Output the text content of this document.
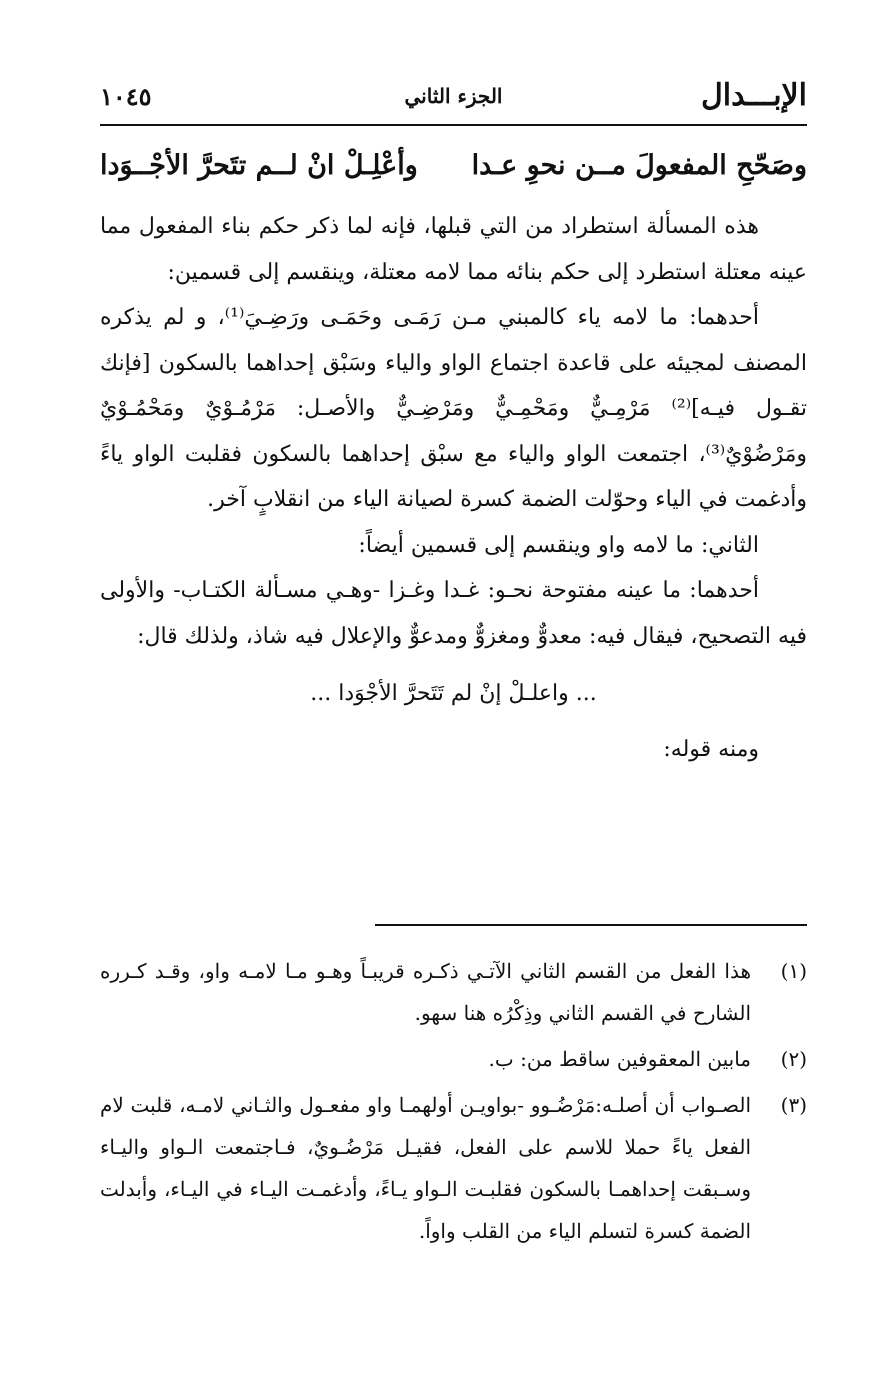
الإبـــدال
الجزء الثاني
١٠٤٥
وصَحّحِ المفعولَ مــن نحوِ عـدا
وأعْلِـلْ انْ لــم تتَحرَّ الأجْــوَدا

هذه المسألة استطراد من التي قبلها، فإنه لما ذكر حكم بناء المفعول مما عينه معتلة استطرد إلى حكم بنائه مما لامه معتلة، وينقسم إلى قسمين:

أحدهما: ما لامه ياء كالمبني مـن رَمَـى وحَمَـى ورَضِـيَ⁽¹⁾، و لم يذكره المصنف لمجيئه على قاعدة اجتماع الواو والياء وسَبْق إحداهما بالسكون [فإنك تقـول فيـه]⁽²⁾ مَرْمِـيٌّ ومَحْمِـيٌّ ومَرْضِـيٌّ والأصـل: مَرْمُـوْيٌ ومَحْمُـوْيٌ ومَرْضُوْيٌ⁽³⁾، اجتمعت الواو والياء مع سبْق إحداهما بالسكون فقلبت الواو ياءً وأدغمت في الياء وحوّلت الضمة كسرة لصيانة الياء من انقلابٍ آخر.

الثاني: ما لامه واو وينقسم إلى قسمين أيضاً:

أحدهما: ما عينه مفتوحة نحـو: غـدا وغـزا -وهـي مسـألة الكتـاب- والأولى فيه التصحيح، فيقال فيه: معدوٌّ ومغزوٌّ ومدعوٌّ والإعلال فيه شاذ، ولذلك قال:

... واعلـلْ إنْ لم تَتَحرَّ الأجْوَدا ...

ومنه قوله:

(١)
هذا الفعل من القسم الثاني الآتـي ذكـره قريبـاً وهـو مـا لامـه واو، وقـد كـرره الشارح في القسم الثاني وذِكْرُه هنا سهو.
(٢)
مابين المعقوفين ساقط من: ب.
(٣)
الصـواب أن أصلـه:مَرْضُـوو -بواويـن أولهمـا واو مفعـول والثـاني لامـه، قلبت لام الفعل ياءً حملا للاسم على الفعل، فقيـل مَرْضُـويٌ، فـاجتمعت الـواو واليـاء وسـبقت إحداهمـا بالسكون فقلبـت الـواو يـاءً، وأدغمـت اليـاء في اليـاء، وأبدلت الضمة كسرة لتسلم الياء من القلب واواً.
